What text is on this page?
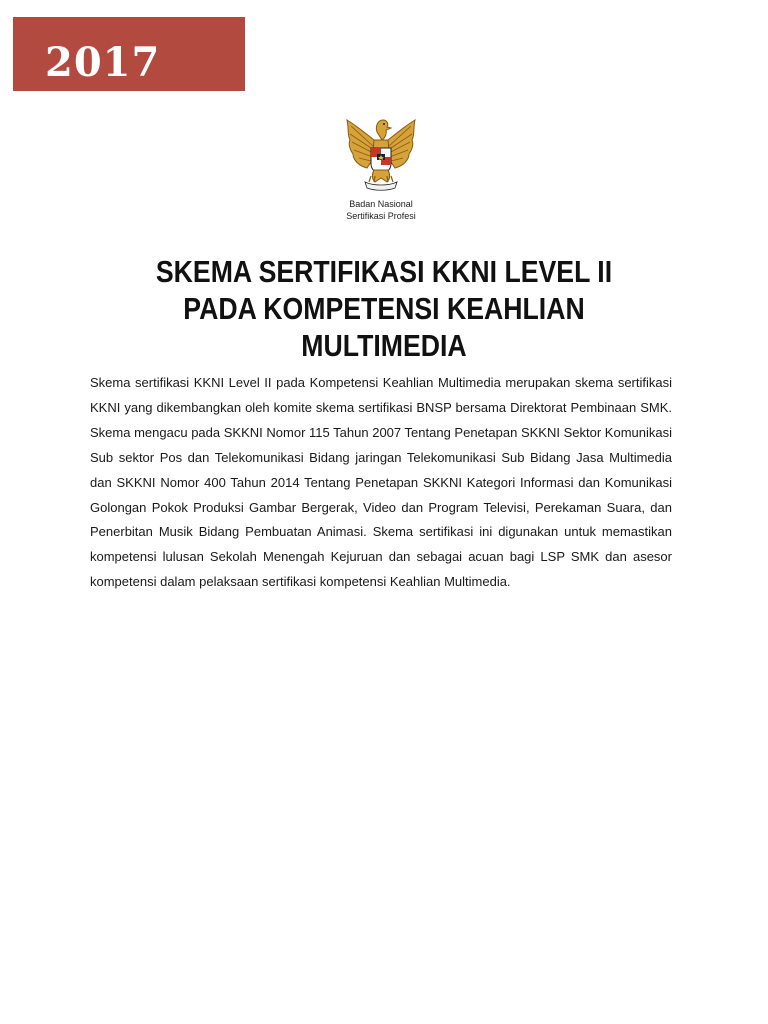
2017
Badan Nasional
Sertifikasi Profesi
SKEMA SERTIFIKASI KKNI LEVEL II
PADA KOMPETENSI KEAHLIAN
MULTIMEDIA
Skema sertifikasi KKNI Level II pada Kompetensi Keahlian Multimedia merupakan skema sertifikasi KKNI yang dikembangkan oleh komite skema sertifikasi BNSP bersama Direktorat Pembinaan SMK. Skema mengacu pada SKKNI Nomor 115 Tahun 2007 Tentang Penetapan SKKNI Sektor Komunikasi Sub sektor Pos dan Telekomunikasi Bidang jaringan Telekomunikasi Sub Bidang Jasa Multimedia dan SKKNI Nomor 400 Tahun 2014 Tentang Penetapan SKKNI Kategori Informasi dan Komunikasi Golongan Pokok Produksi Gambar Bergerak, Video dan Program Televisi, Perekaman Suara, dan Penerbitan Musik Bidang Pembuatan Animasi. Skema sertifikasi ini digunakan untuk memastikan kompetensi lulusan Sekolah Menengah Kejuruan dan sebagai acuan bagi LSP SMK dan asesor kompetensi dalam pelaksaan sertifikasi kompetensi Keahlian Multimedia.
